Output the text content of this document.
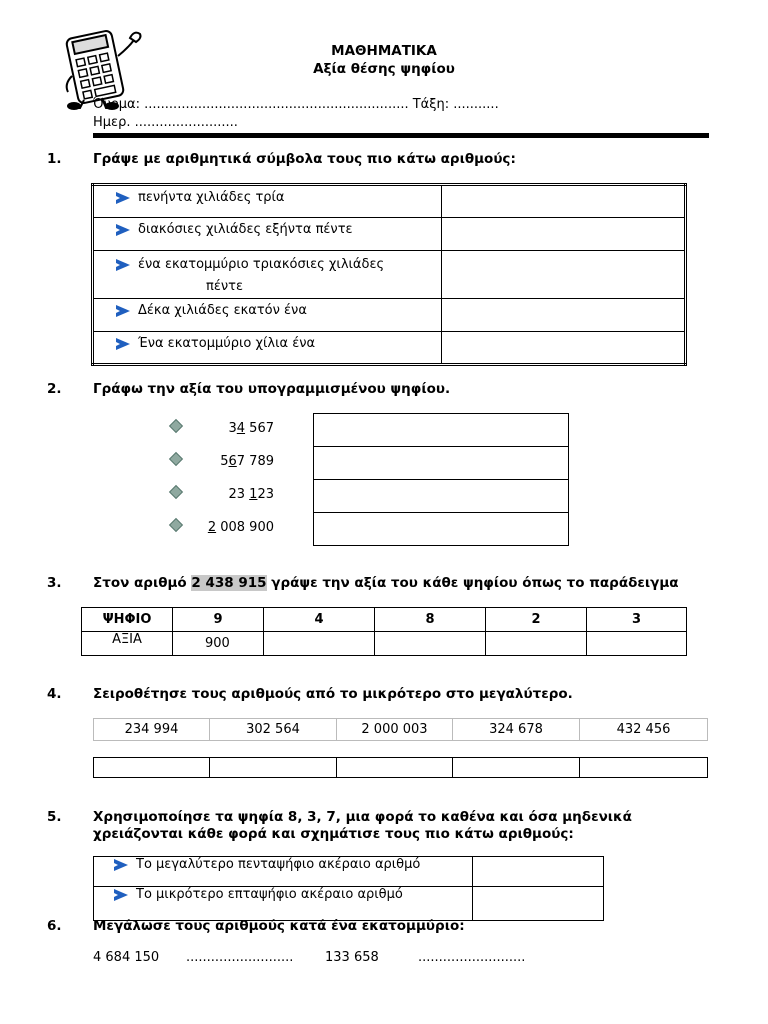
ΜΑΘΗΜΑΤΙΚΑ
Αξία θέσης ψηφίου
Όνομα: ................................................................ Τάξη: ...........
Ημερ. .........................
1. Γράψε με αριθμητικά σύμβολα τους πιο κάτω αριθμούς:
πενήντα χιλιάδες τρία	
διακόσιες χιλιάδες εξήντα πέντε	
ένα εκατομμύριο τριακόσιες χιλιάδες
πέντε	
Δέκα χιλιάδες εκατόν ένα	
Ένα εκατομμύριο χίλια ένα	
2. Γράφω την αξία του υπογραμμισμένου ψηφίου.
34 567
567 789
23 123
2 008 900

3. Στον αριθμό 2 438 915 γράψε την αξία του κάθε ψηφίου όπως το παράδειγμα
ΨΗΦΙΟ	9	4	8	2	3
ΑΞΙΑ	900				
4. Σειροθέτησε τους αριθμούς από το μικρότερο στο μεγαλύτερο.
234 994	302 564	2 000 003	324 678	432 456

5. Χρησιμοποίησε τα ψηφία 8, 3, 7, μια φορά το καθένα και όσα μηδενικά
χρειάζονται κάθε φορά και σχημάτισε τους πιο κάτω αριθμούς:
Το μεγαλύτερο πενταψήφιο ακέραιο αριθμό	
Το μικρότερο επταψήφιο ακέραιο αριθμό	
6. Μεγάλωσε τους αριθμούς κατά ένα εκατομμύριο:
4 684 150 .......................... 133 658	..........................
